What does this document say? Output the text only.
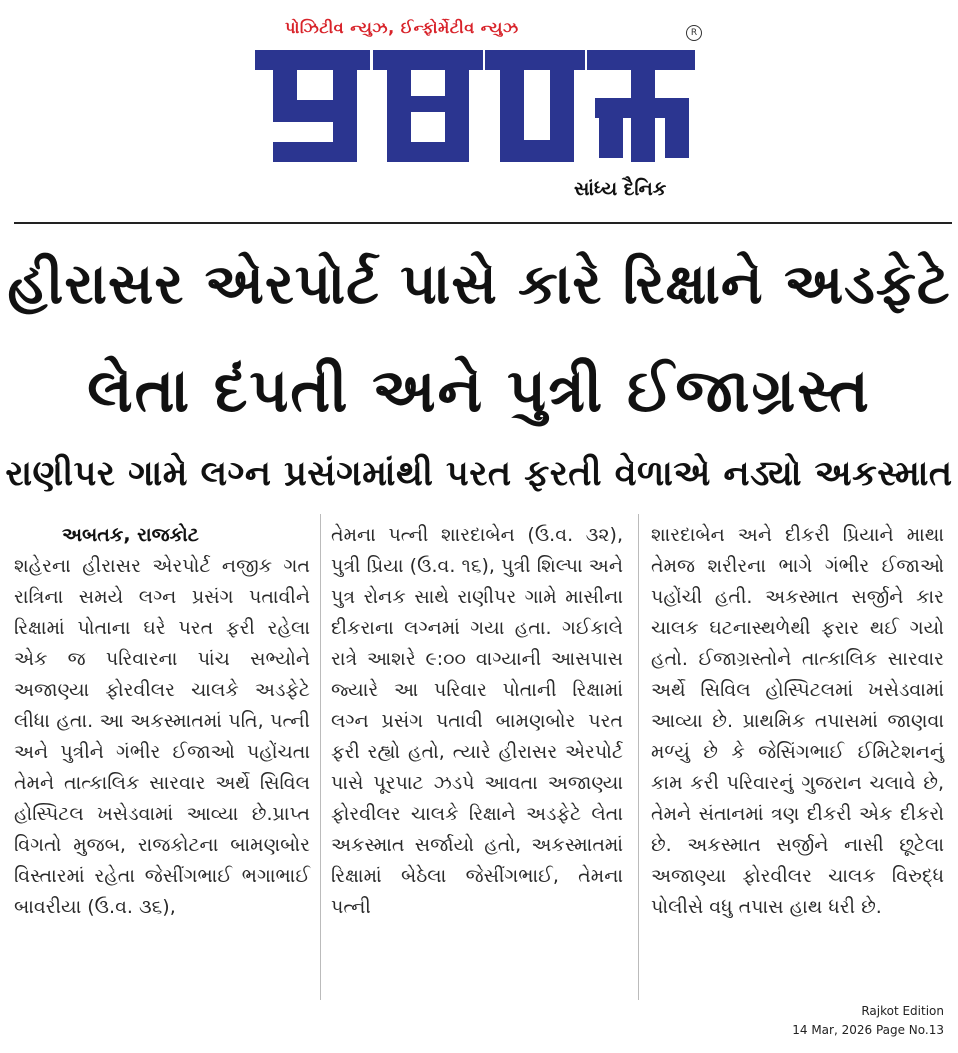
પોઝિટીવ ન્યુઝ, ઈન્ફોર્મેટીવ ન્યુઝ	R
સાંધ્ય દૈનિક
હીરાસર એરપોર્ટ પાસે કારે રિક્ષાને અડફેટે
લેતા દંપતી અને પુત્રી ઈજાગ્રસ્ત
રાણીપર ગામે લગ્ન પ્રસંગમાંથી પરત ફરતી વેળાએ નડ્યો અકસ્માત
અબતક, રાજકોટ
શહેરના હીરાસર એરપોર્ટ નજીક ગત રાત્રિના સમયે લગ્ન પ્રસંગ પતાવીને રિક્ષામાં પોતાના ઘરે પરત ફરી રહેલા એક જ પરિવારના પાંચ સભ્યોને અજાણ્યા ફોરવીલર ચાલકે અડફેટે લીધા હતા. આ અકસ્માતમાં પતિ, પત્ની અને પુત્રીને ગંભીર ઈજાઓ પહોંચતા તેમને તાત્કાલિક સારવાર અર્થે સિવિલ હોસ્પિટલ ખસેડવામાં આવ્યા છે.પ્રાપ્ત વિગતો મુજબ, રાજકોટના બામણબોર વિસ્તારમાં રહેતા જેસીંગભાઈ ભગાભાઈ બાવરીયા (ઉ.વ. ૩૬),
તેમના પત્ની શારદાબેન (ઉ.વ. ૩૨), પુત્રી પ્રિયા (ઉ.વ. ૧૬), પુત્રી શિલ્પા અને પુત્ર રોનક સાથે રાણીપર ગામે માસીના દીકરાના લગ્નમાં ગયા હતા. ગઈકાલે રાત્રે આશરે ૯:૦૦ વાગ્યાની આસપાસ જ્યારે આ પરિવાર પોતાની રિક્ષામાં લગ્ન પ્રસંગ પતાવી બામણબોર પરત ફરી રહ્યો હતો, ત્યારે હીરાસર એરપોર્ટ પાસે પૂરપાટ ઝડપે આવતા અજાણ્યા ફોરવીલર ચાલકે રિક્ષાને અડફેટે લેતા અકસ્માત સર્જાયો હતો, અકસ્માતમાં રિક્ષામાં બેઠેલા જેસીંગભાઈ, તેમના પત્ની
શારદાબેન અને દીકરી પ્રિયાને માથા તેમજ શરીરના ભાગે ગંભીર ઈજાઓ પહોંચી હતી. અકસ્માત સર્જીને કાર ચાલક ઘટનાસ્થળેથી ફરાર થઈ ગયો હતો. ઈજાગ્રસ્તોને તાત્કાલિક સારવાર અર્થે સિવિલ હોસ્પિટલમાં ખસેડવામાં આવ્યા છે. પ્રાથમિક તપાસમાં જાણવા મળ્યું છે કે જેસિંગભાઈ ઈમિટેશનનું કામ કરી પરિવારનું ગુજરાન ચલાવે છે, તેમને સંતાનમાં ત્રણ દીકરી એક દીકરો છે. અકસ્માત સર્જીને નાસી છૂટેલા અજાણ્યા ફોરવીલર ચાલક વિરુદ્ધ પોલીસે વધુ તપાસ હાથ ધરી છે.
Rajkot Edition
14 Mar, 2026 Page No.13
